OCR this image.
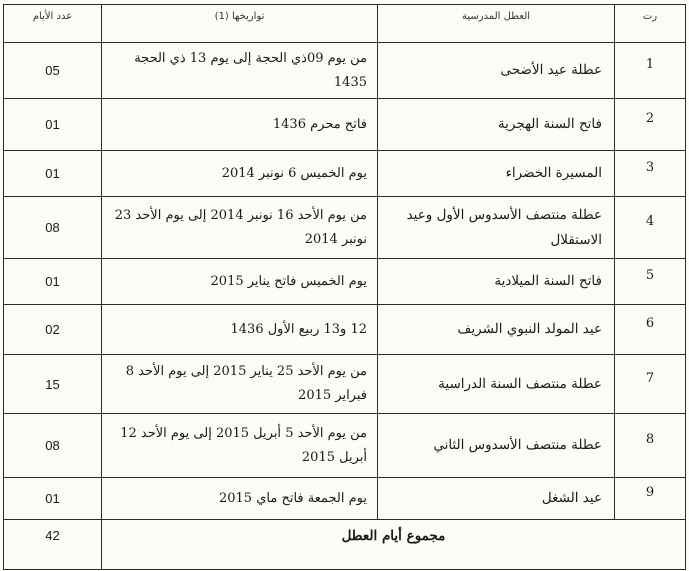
عدد الأيام	تواريخها (1)	العطل المدرسية	رت
05	من يوم 09ذي الحجة إلى يوم 13 ذي الحجة 1435	عطلة عيد الأضحى	1
01	فاتح محرم 1436	فاتح السنة الهجرية	2
01	يوم الخميس 6 نونبر 2014	المسيرة الخضراء	3
08	من يوم الأحد 16 نونبر 2014 إلى يوم الأحد 23 نونبر 2014	عطلة منتصف الأسدوس الأول وعيد الاستقلال	4
01	يوم الخميس فاتح يناير 2015	فاتح السنة الميلادية	5
02	12 و13 ربيع الأول 1436	عيد المولد النبوي الشريف	6
15	من يوم الأحد 25 يناير 2015 إلى يوم الأحد 8 فبراير 2015	عطلة منتصف السنة الدراسية	7
08	من يوم الأحد 5 أبريل 2015 إلى يوم الأحد 12 أبريل 2015	عطلة منتصف الأسدوس الثاني	8
01	يوم الجمعة فاتح ماي 2015	عيد الشغل	9
42	مجموع أيام العطل		
